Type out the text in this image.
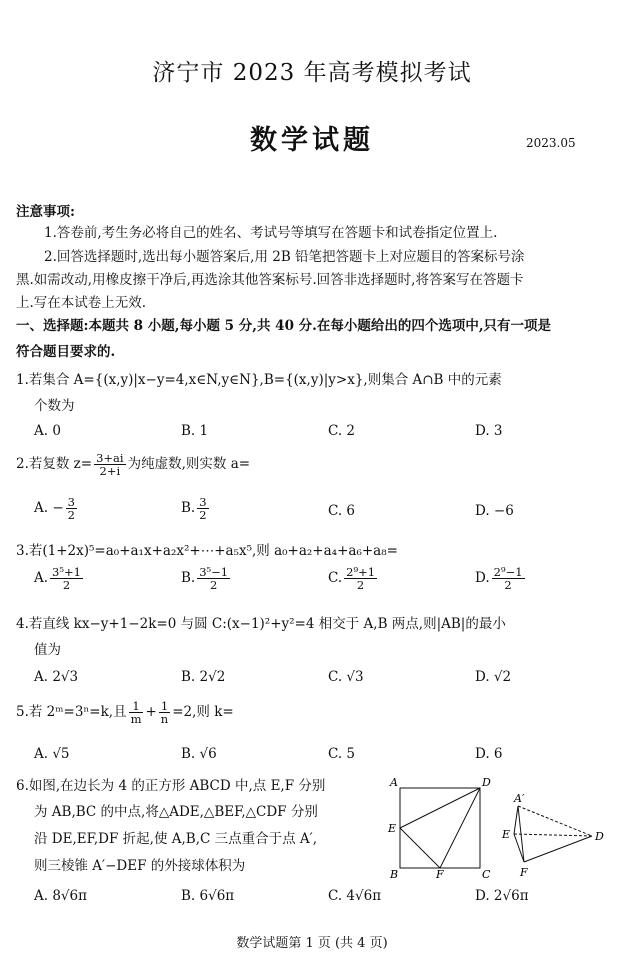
济宁市 2023 年高考模拟考试
数学试题	2023.05
注意事项:
1.答卷前,考生务必将自己的姓名、考试号等填写在答题卡和试卷指定位置上.
2.回答选择题时,选出每小题答案后,用 2B 铅笔把答题卡上对应题目的答案标号涂
黑.如需改动,用橡皮擦干净后,再选涂其他答案标号.回答非选择题时,将答案写在答题卡
上.写在本试卷上无效.
一、选择题:本题共 8 小题,每小题 5 分,共 40 分.在每小题给出的四个选项中,只有一项是
符合题目要求的.
1.若集合 A={(x,y)|x−y=4,x∈N,y∈N},B={(x,y)|y>x},则集合 A∩B 中的元素
个数为
A. 0	B. 1	C. 2	D. 3
2.若复数 $z= \frac{3+ai}{2+i}$ 为纯虚数,则实数 a=
A. − $\frac{3}{2}$	B. $\frac{3}{2}$	C. 6	D. −6
3.若(1+2x)⁵=a₀+a₁x+a₂x²+⋯+a₅x⁵,则 a₀+a₂+a₄+a₆+a₈=
A. $\frac{\text{3⁵+1}}{2}$	B. $\frac{\text{3⁵−1}}{2}$	C. $\frac{\text{2⁹+1}}{2}$	D. $\frac{\text{2⁹−1}}{2}$
4.若直线 kx−y+1−2k=0 与圆 C:(x−1)²+y²=4 相交于 A,B 两点,则|AB|的最小
值为
A. 2√3	B. 2√2	C. √3	D. √2
5.若 2ᵐ=3ⁿ=k,且 $\frac{1}{m} + \frac{1}{n} =2$,则 k=
A. √5	B. √6	C. 5	D. 6
6.如图,在边长为 4 的正方形 ABCD 中,点 E,F 分别
为 AB,BC 的中点,将△ADE,△BEF,△CDF 分别
沿 DE,EF,DF 折起,使 A,B,C 三点重合于点 A′,
则三棱锥 A′−DEF 的外接球体积为
A. 8√6π	B. 6√6π	C. 4√6π	D. 2√6π
A	D
E
B	F	C
A′
E	D
F
数学试题第 1 页 (共 4 页)
